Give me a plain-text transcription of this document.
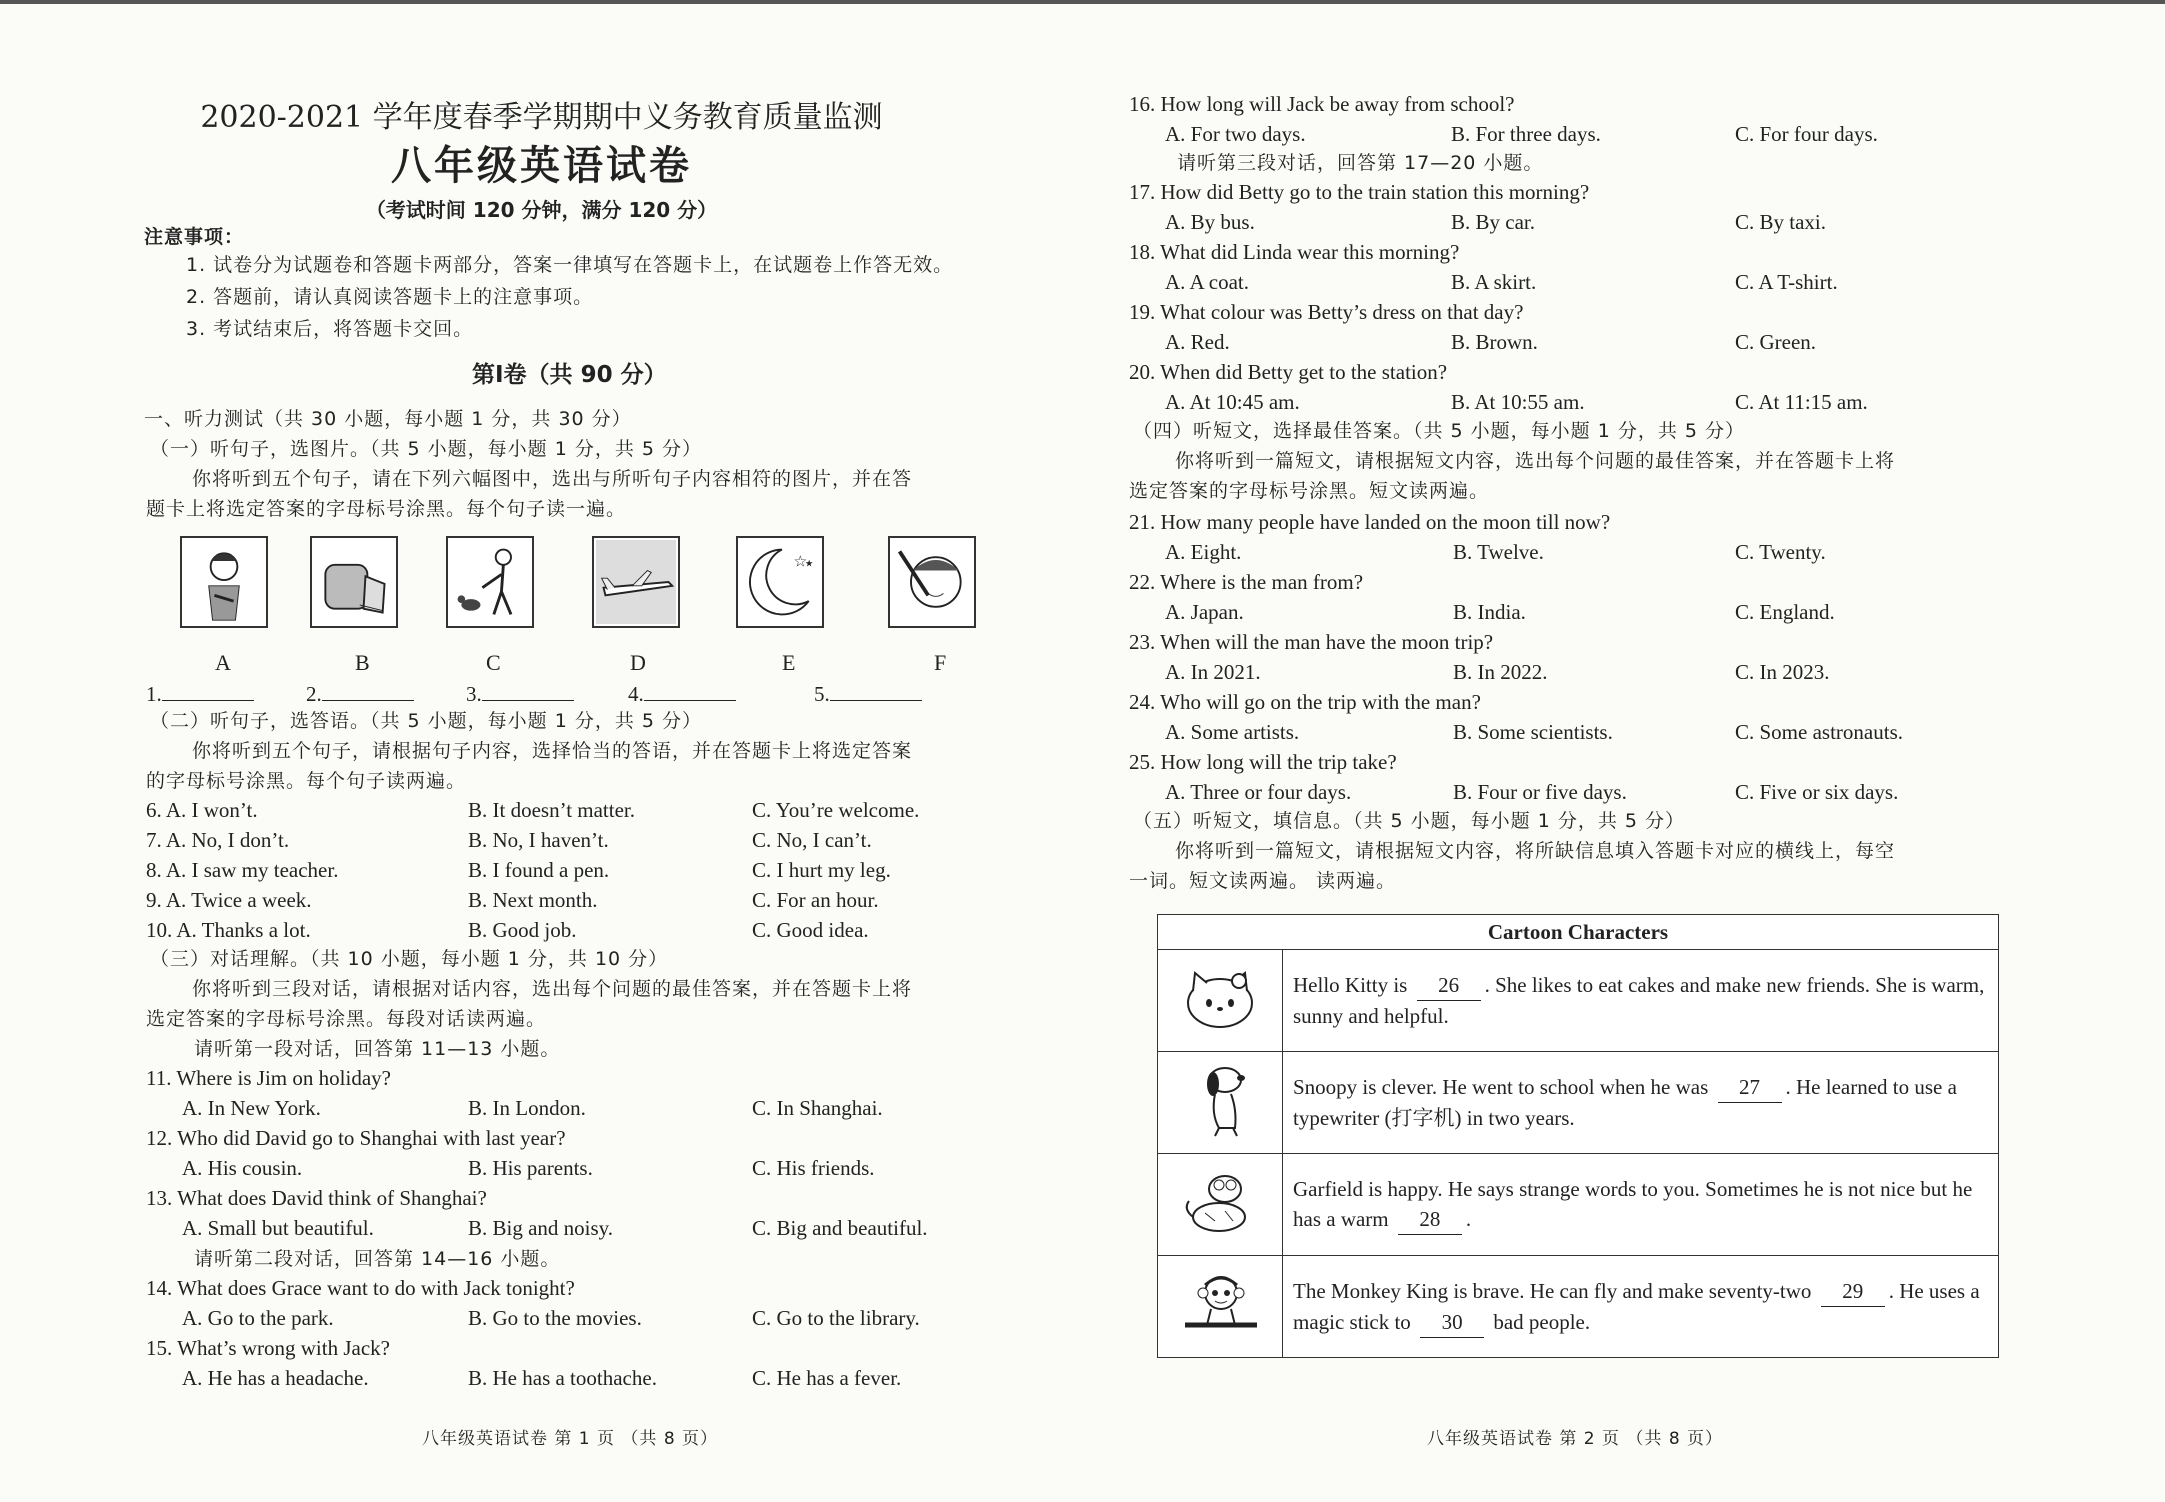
2020-2021 学年度春季学期期中义务教育质量监测
八年级英语试卷
（考试时间 120 分钟，满分 120 分）
注意事项：
1. 试卷分为试题卷和答题卡两部分，答案一律填写在答题卡上，在试题卷上作答无效。
2. 答题前，请认真阅读答题卡上的注意事项。
3. 考试结束后，将答题卡交回。
第Ⅰ卷（共 90 分）
一、听力测试（共 30 小题，每小题 1 分，共 30 分）
（一）听句子，选图片。（共 5 小题，每小题 1 分，共 5 分）
你将听到五个句子，请在下列六幅图中，选出与所听句子内容相符的图片，并在答
题卡上将选定答案的字母标号涂黑。每个句子读一遍。
☆
★
A	B	C	D	E	F
1.	2.	3.	4.	5.
（二）听句子，选答语。（共 5 小题，每小题 1 分，共 5 分）
你将听到五个句子，请根据句子内容，选择恰当的答语，并在答题卡上将选定答案
的字母标号涂黑。每个句子读两遍。
6. A. I won’t.	B. It doesn’t matter.	C. You’re welcome.
7. A. No, I don’t.	B. No, I haven’t.	C. No, I can’t.
8. A. I saw my teacher.	B. I found a pen.	C. I hurt my leg.
9. A. Twice a week.	B. Next month.	C. For an hour.
10. A. Thanks a lot.	B. Good job.	C. Good idea.
（三）对话理解。（共 10 小题，每小题 1 分，共 10 分）
你将听到三段对话，请根据对话内容，选出每个问题的最佳答案，并在答题卡上将
选定答案的字母标号涂黑。每段对话读两遍。
请听第一段对话，回答第 11—13 小题。
11. Where is Jim on holiday?
A. In New York.	B. In London.	C. In Shanghai.
12. Who did David go to Shanghai with last year?
A. His cousin.	B. His parents.	C. His friends.
13. What does David think of Shanghai?
A. Small but beautiful.	B. Big and noisy.	C. Big and beautiful.
请听第二段对话，回答第 14—16 小题。
14. What does Grace want to do with Jack tonight?
A. Go to the park.	B. Go to the movies.	C. Go to the library.
15. What’s wrong with Jack?
A. He has a headache.	B. He has a toothache.	C. He has a fever.
八年级英语试卷 第 1 页 （共 8 页）
16. How long will Jack be away from school?
A. For two days.	B. For three days.	C. For four days.
请听第三段对话，回答第 17—20 小题。
17. How did Betty go to the train station this morning?
A. By bus.	B. By car.	C. By taxi.
18. What did Linda wear this morning?
A. A coat.	B. A skirt.	C. A T-shirt.
19. What colour was Betty’s dress on that day?
A. Red.	B. Brown.	C. Green.
20. When did Betty get to the station?
A. At 10:45 am.	B. At 10:55 am.	C. At 11:15 am.
（四）听短文，选择最佳答案。（共 5 小题，每小题 1 分，共 5 分）
你将听到一篇短文，请根据短文内容，选出每个问题的最佳答案，并在答题卡上将
选定答案的字母标号涂黑。短文读两遍。
21. How many people have landed on the moon till now?
A. Eight.	B. Twelve.	C. Twenty.
22. Where is the man from?
A. Japan.	B. India.	C. England.
23. When will the man have the moon trip?
A. In 2021.	B. In 2022.	C. In 2023.
24. Who will go on the trip with the man?
A. Some artists.	B. Some scientists.	C. Some astronauts.
25. How long will the trip take?
A. Three or four days.	B. Four or five days.	C. Five or six days.
（五）听短文，填信息。（共 5 小题，每小题 1 分，共 5 分）
你将听到一篇短文，请根据短文内容，将所缺信息填入答题卡对应的横线上，每空
一词。短文读两遍。 读两遍。
八年级英语试卷 第 2 页 （共 8 页）
Cartoon Characters	
	Hello Kitty is 26 . She likes to eat cakes and make new friends. She is warm, sunny and helpful.
	Snoopy is clever. He went to school when he was 27 . He learned to use a typewriter (打字机) in two years.
	Garfield is happy. He says strange words to you. Sometimes he is not nice but he has a warm 28 .
	The Monkey King is brave. He can fly and make seventy-two 29 . He uses a magic stick to 30 bad people.
